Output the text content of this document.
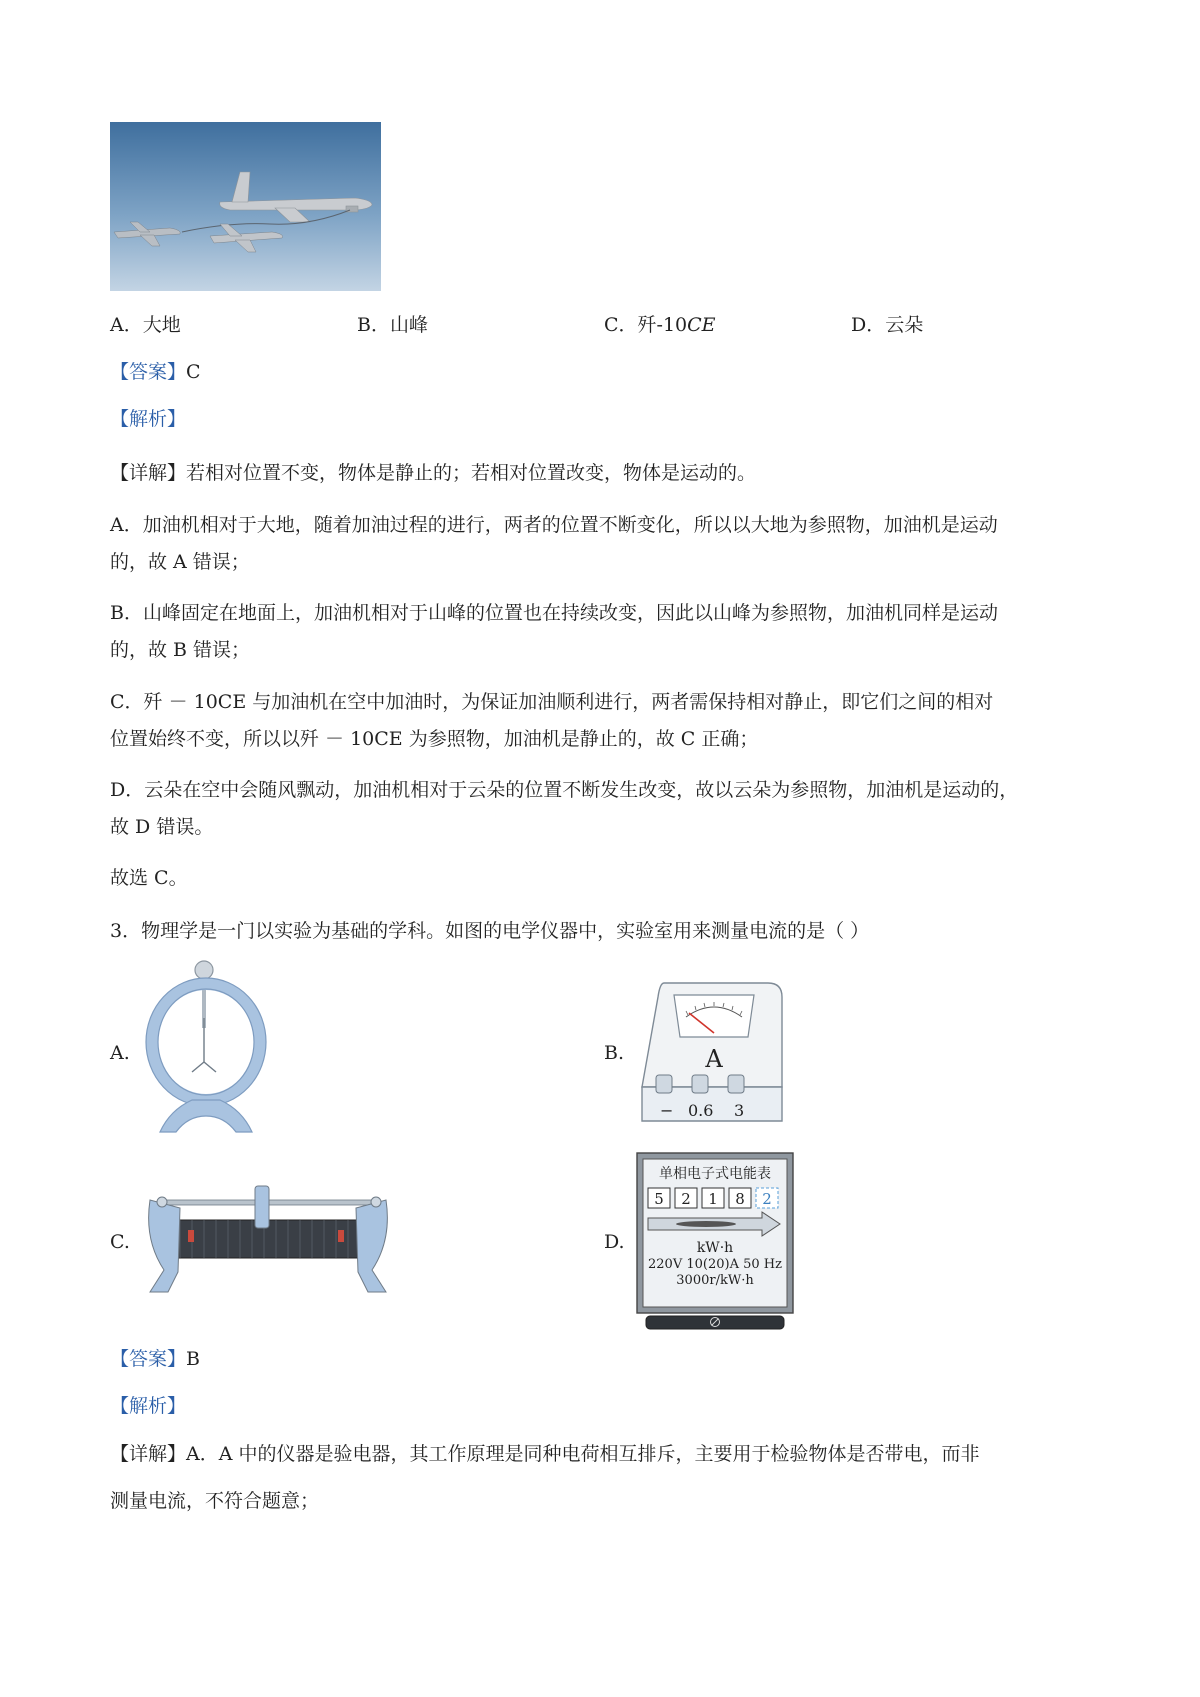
A．大地	B．山峰	C．歼-10CE	D．云朵
【答案】C
【解析】
【详解】若相对位置不变，物体是静止的；若相对位置改变，物体是运动的。
A．加油机相对于大地，随着加油过程的进行，两者的位置不断变化，所以以大地为参照物，加油机是运动
的，故 A 错误；
B．山峰固定在地面上，加油机相对于山峰的位置也在持续改变，因此以山峰为参照物，加油机同样是运动
的，故 B 错误；
C．歼 － 10CE 与加油机在空中加油时，为保证加油顺利进行，两者需保持相对静止，即它们之间的相对
位置始终不变，所以以歼 － 10CE 为参照物，加油机是静止的，故 C 正确；
D．云朵在空中会随风飘动，加油机相对于云朵的位置不断发生改变，故以云朵为参照物，加油机是运动的，
故 D 错误。
故选 C。
3．物理学是一门以实验为基础的学科。如图的电学仪器中，实验室用来测量电流的是（ ）
A.	B.
C.	D.
A
− 0.6 3
单相电子式电能表
5 2 1 8 2
kW·h
220V 10(20)A 50 Hz
3000r/kW·h
【答案】B
【解析】
【详解】A．A 中的仪器是验电器，其工作原理是同种电荷相互排斥，主要用于检验物体是否带电，而非
测量电流，不符合题意；
